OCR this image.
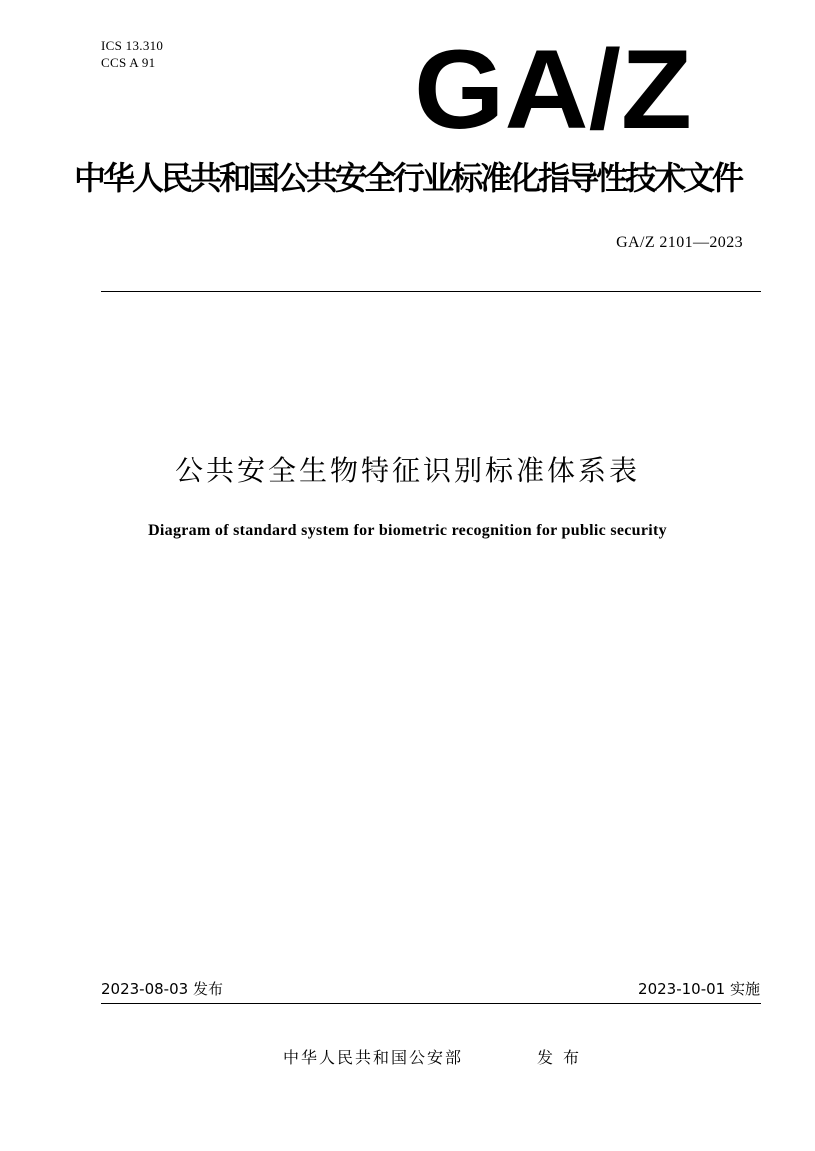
ICS 13.310
CCS A 91 GA/Z
中华人民共和国公共安全行业标准化指导性技术文件
GA/Z 2101—2023
公共安全生物特征识别标准体系表
Diagram of standard system for biometric recognition for public security
2023-08-03 发布	2023-10-01 实施
中华人民共和国公安部	发布
